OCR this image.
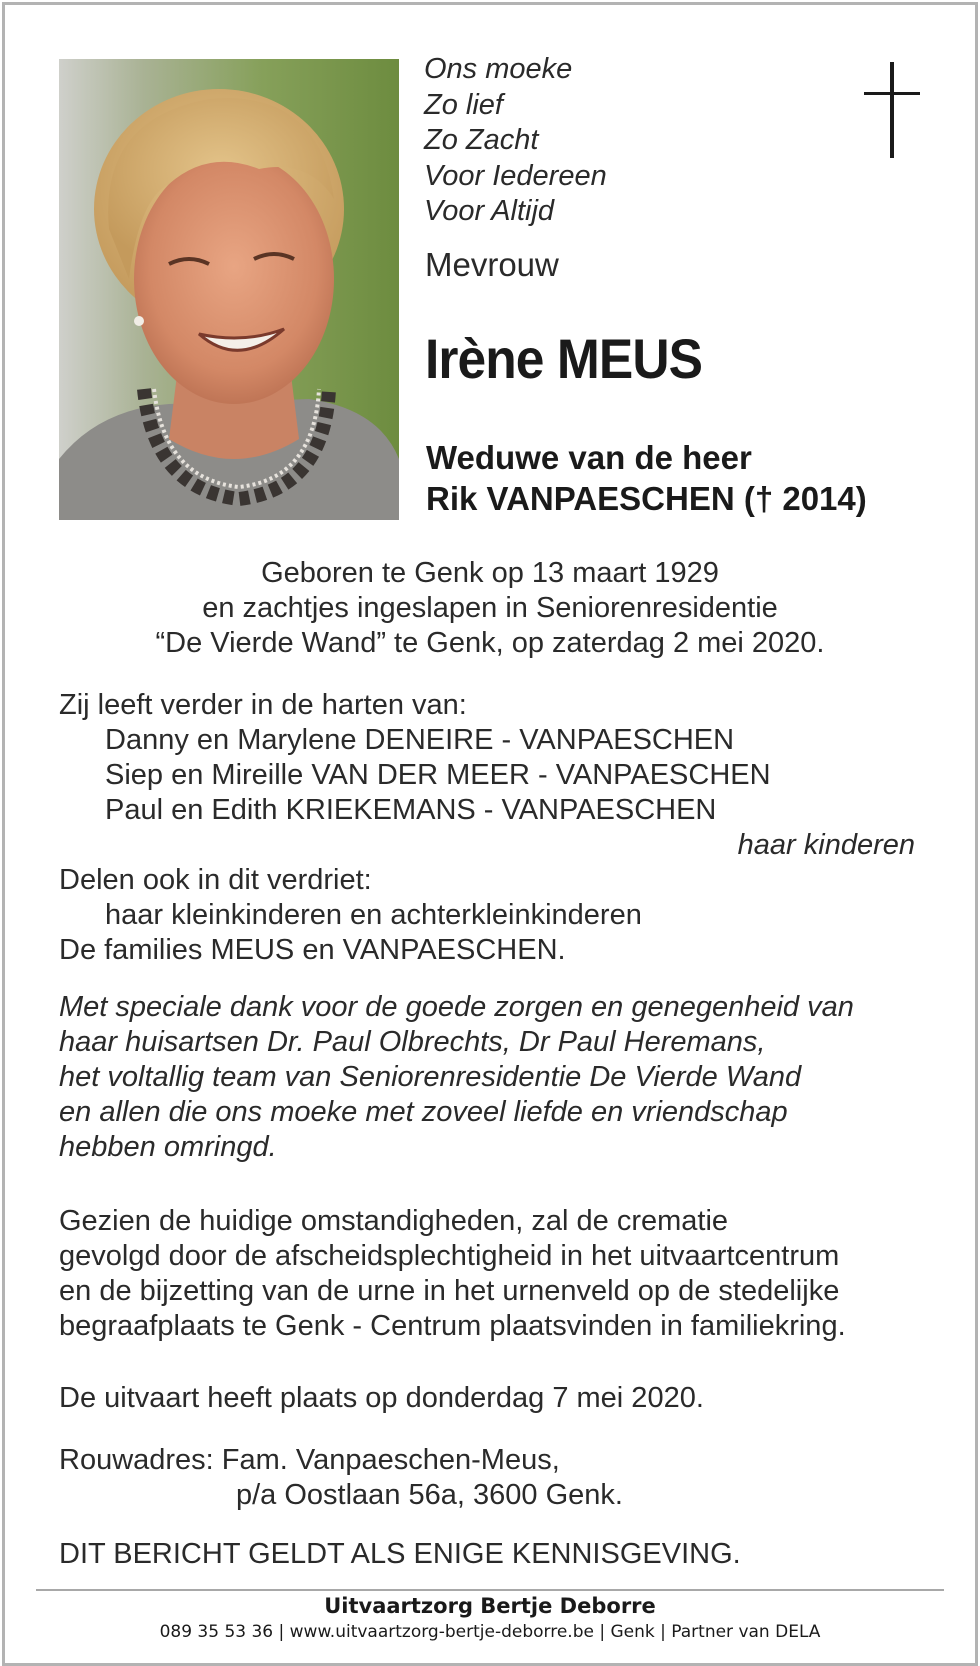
Ons moeke
Zo lief
Zo Zacht
Voor Iedereen
Voor Altijd
Mevrouw
Irène MEUS
Weduwe van de heer
Rik VANPAESCHEN († 2014)
Geboren te Genk op 13 maart 1929
en zachtjes ingeslapen in Seniorenresidentie
“De Vierde Wand” te Genk, op zaterdag 2 mei 2020.
Zij leeft verder in de harten van:
Danny en Marylene DENEIRE - VANPAESCHEN
Siep en Mireille VAN DER MEER - VANPAESCHEN
Paul en Edith KRIEKEMANS - VANPAESCHEN
haar kinderen
Delen ook in dit verdriet:
haar kleinkinderen en achterkleinkinderen
De families MEUS en VANPAESCHEN.
Met speciale dank voor de goede zorgen en genegenheid van
haar huisartsen Dr. Paul Olbrechts, Dr Paul Heremans,
het voltallig team van Seniorenresidentie De Vierde Wand
en allen die ons moeke met zoveel liefde en vriendschap
hebben omringd.
Gezien de huidige omstandigheden, zal de crematie
gevolgd door de afscheidsplechtigheid in het uitvaartcentrum
en de bijzetting van de urne in het urnenveld op de stedelijke
begraafplaats te Genk - Centrum plaatsvinden in familiekring.
De uitvaart heeft plaats op donderdag 7 mei 2020.
Rouwadres: Fam. Vanpaeschen-Meus,
p/a Oostlaan 56a, 3600 Genk.
DIT BERICHT GELDT ALS ENIGE KENNISGEVING.
Uitvaartzorg Bertje Deborre
089 35 53 36 | www.uitvaartzorg-bertje-deborre.be | Genk | Partner van DELA
